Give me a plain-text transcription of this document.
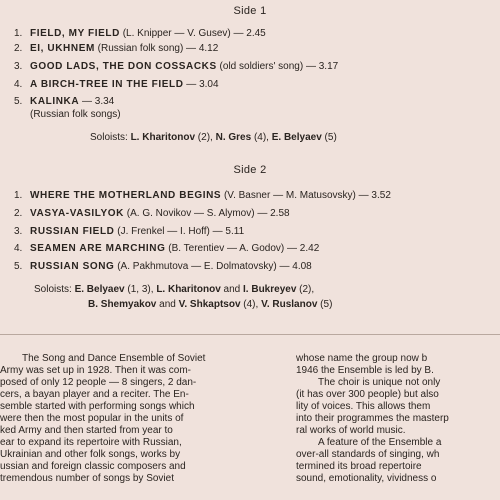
Side 1
1. FIELD, MY FIELD (L. Knipper — V. Gusev) — 2.45
2. EI, UKHNEM (Russian folk song) — 4.12
3. GOOD LADS, THE DON COSSACKS (old soldiers' song) — 3.17
4. A BIRCH-TREE IN THE FIELD — 3.04
5. KALINKA — 3.34
(Russian folk songs)
Soloists: L. Kharitonov (2), N. Gres (4), E. Belyaev (5)
Side 2
1. WHERE THE MOTHERLAND BEGINS (V. Basner — M. Matusovsky) — 3.52
2. VASYA-VASILYOK (A. G. Novikov — S. Alymov) — 2.58
3. RUSSIAN FIELD (J. Frenkel — I. Hoff) — 5.11
4. SEAMEN ARE MARCHING (B. Terentiev — A. Godov) — 2.42
5. RUSSIAN SONG (A. Pakhmutova — E. Dolmatovsky) — 4.08
Soloists: E. Belyaev (1, 3), L. Kharitonov and I. Bukreyev (2),
B. Shemyakov and V. Shkaptsov (4), V. Ruslanov (5)

The Song and Dance Ensemble of Soviet

Army was set up in 1928. Then it was com-

posed of only 12 people — 8 singers, 2 dan-

cers, a bayan player and a reciter. The En-

semble started with performing songs which

were then the most popular in the units of

ked Army and then started from year to

ear to expand its repertoire with Russian,

Ukrainian and other folk songs, works by

ussian and foreign classic composers and

tremendous number of songs by Soviet

whose name the group now b

1946 the Ensemble is led by B.

The choir is unique not only

(it has over 300 people) but also

lity of voices. This allows them

into their programmes the masterp

ral works of world music.

A feature of the Ensemble a

over-all standards of singing, wh

termined its broad repertoire

sound, emotionality, vividness o
